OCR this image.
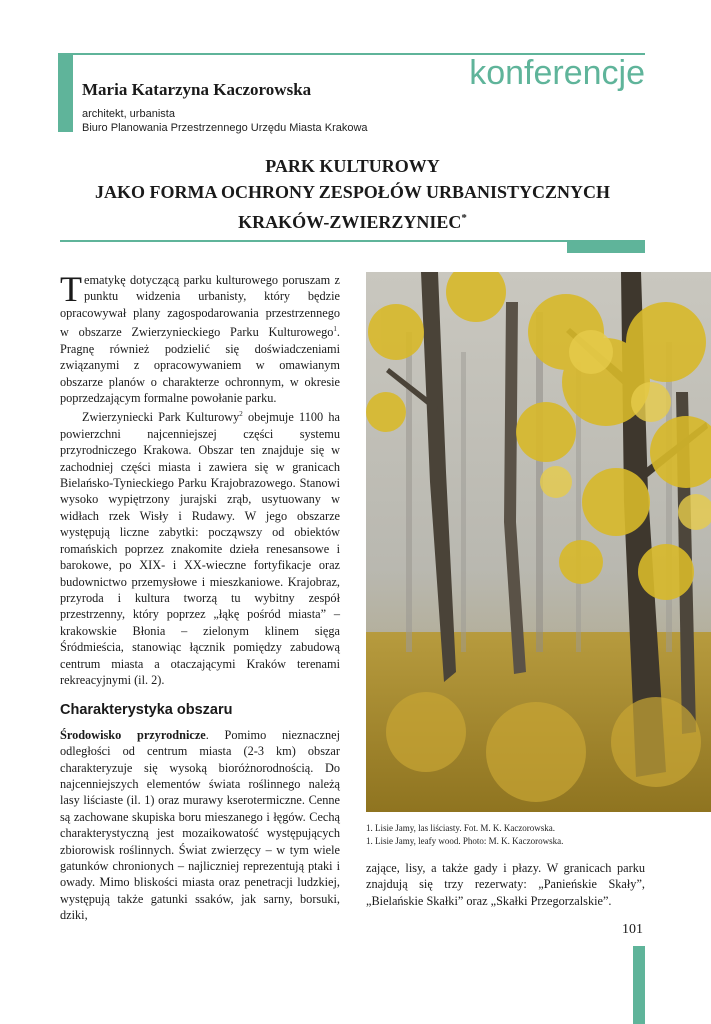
konferencje
Maria Katarzyna Kaczorowska
architekt, urbanista
Biuro Planowania Przestrzennego Urzędu Miasta Krakowa
PARK KULTUROWY
JAKO FORMA OCHRONY ZESPOŁÓW URBANISTYCZNYCH
KRAKÓW-ZWIERZYNIEC*

Tematykę dotyczącą parku kulturowego poruszam z punktu widzenia urbanisty, który będzie opracowywał plany zagospodarowania przestrzennego w obszarze Zwierzynieckiego Parku Kulturowego$^1$. Pragnę również podzielić się doświadczeniami związanymi z opracowywaniem w omawianym obszarze planów o charakterze ochronnym, w okresie poprzedzającym formalne powołanie parku.

Zwierzyniecki Park Kulturowy$^2$ obejmuje 1100 ha powierzchni najcenniejszej części systemu przyrodniczego Krakowa. Obszar ten znajduje się w zachodniej części miasta i zawiera się w granicach Bielańsko-Tynieckiego Parku Krajobrazowego. Stanowi wysoko wypiętrzony jurajski zrąb, usytuowany w widłach rzek Wisły i Rudawy. W jego obszarze występują liczne zabytki: począwszy od obiektów romańskich poprzez znakomite dzieła renesansowe i barokowe, po XIX- i XX-wieczne fortyfikacje oraz budownictwo przemysłowe i mieszkaniowe. Krajobraz, przyroda i kultura tworzą tu wybitny zespół przestrzenny, który poprzez „łąkę pośród miasta” – krakowskie Błonia – zielonym klinem sięga Śródmieścia, stanowiąc łącznik pomiędzy zabudową centrum miasta a otaczającymi Kraków terenami rekreacyjnymi (il. 2).

Charakterystyka obszaru

Środowisko przyrodnicze. Pomimo nieznacznej odległości od centrum miasta (2-3 km) obszar charakteryzuje się wysoką bioróżnorodnością. Do najcenniejszych elementów świata roślinnego należą lasy liściaste (il. 1) oraz murawy kserotermiczne. Cenne są zachowane skupiska boru mieszanego i łęgów. Cechą charakterystyczną jest mozaikowatość występujących zbiorowisk roślinnych. Świat zwierzęcy – w tym wiele gatunków chronionych – najliczniej reprezentują ptaki i owady. Mimo bliskości miasta oraz penetracji ludzkiej, występują także gatunki ssaków, jak sarny, borsuki, dziki,

1. Lisie Jamy, las liściasty. Fot. M. K. Kaczorowska.
1. Lisie Jamy, leafy wood. Photo: M. K. Kaczorowska.

zające, lisy, a także gady i płazy. W granicach parku znajdują się trzy rezerwaty: „Panieńskie Skały”, „Bielańskie Skałki” oraz „Skałki Przegorzalskie”.

101
